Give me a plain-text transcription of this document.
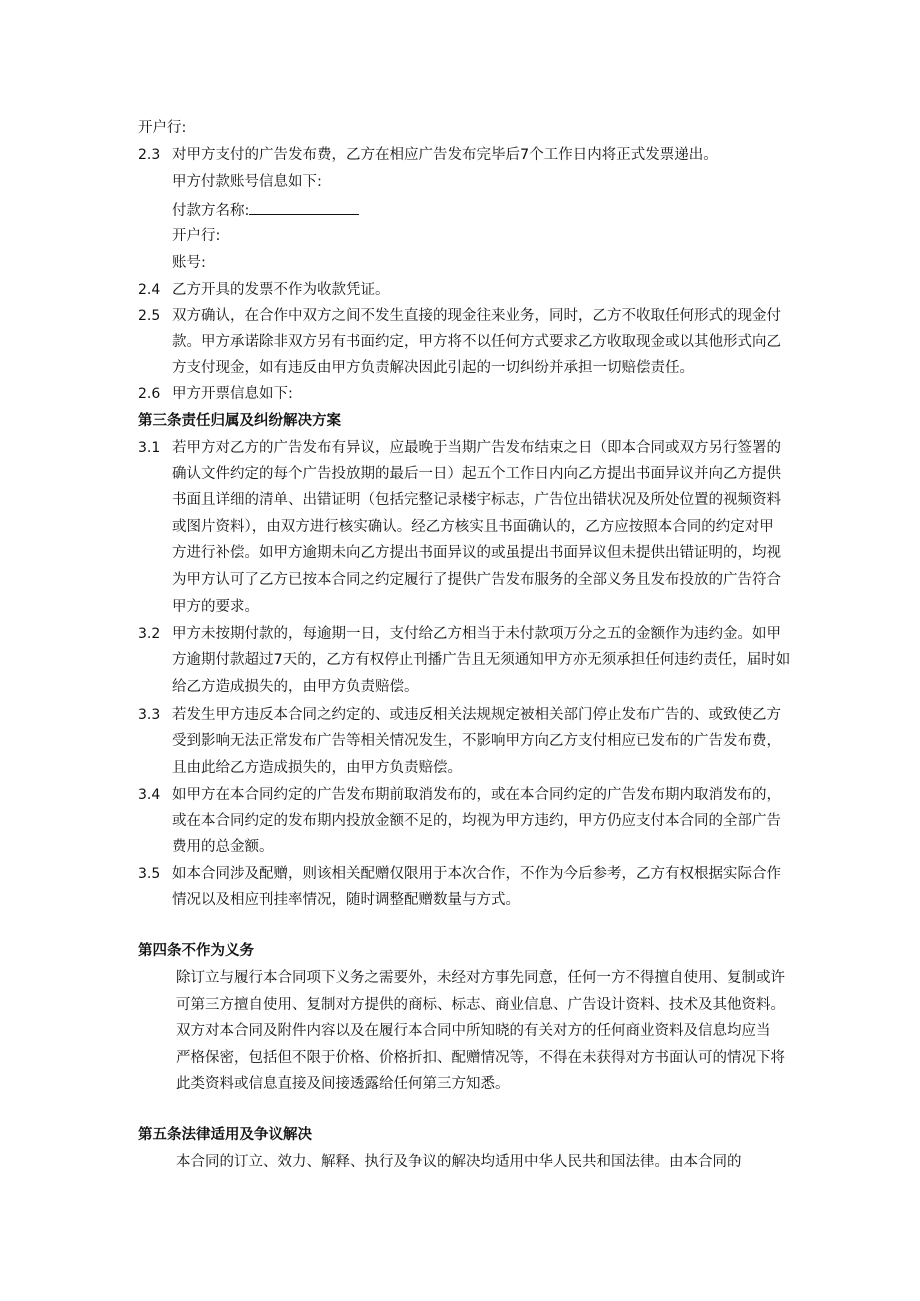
开户行:
2.3 对甲方支付的广告发布费，乙方在相应广告发布完毕后7个工作日内将正式发票递出。
甲方付款账号信息如下:
付款方名称:
开户行:
账号:
2.4 乙方开具的发票不作为收款凭证。
2.5 双方确认，在合作中双方之间不发生直接的现金往来业务，同时，乙方不收取任何形式的现金付
款。甲方承诺除非双方另有书面约定，甲方将不以任何方式要求乙方收取现金或以其他形式向乙
方支付现金，如有违反由甲方负责解决因此引起的一切纠纷并承担一切赔偿责任。
2.6 甲方开票信息如下:
第三条责任归属及纠纷解决方案
3.1 若甲方对乙方的广告发布有异议，应最晚于当期广告发布结束之日（即本合同或双方另行签署的
确认文件约定的每个广告投放期的最后一日）起五个工作日内向乙方提出书面异议并向乙方提供
书面且详细的清单、出错证明（包括完整记录楼宇标志，广告位出错状况及所处位置的视频资料
或图片资料），由双方进行核实确认。经乙方核实且书面确认的，乙方应按照本合同的约定对甲
方进行补偿。如甲方逾期未向乙方提出书面异议的或虽提出书面异议但未提供出错证明的，均视
为甲方认可了乙方已按本合同之约定履行了提供广告发布服务的全部义务且发布投放的广告符合
甲方的要求。
3.2 甲方未按期付款的，每逾期一日，支付给乙方相当于未付款项万分之五的金额作为违约金。如甲
方逾期付款超过7天的，乙方有权停止刊播广告且无须通知甲方亦无须承担任何违约责任，届时如
给乙方造成损失的，由甲方负责赔偿。
3.3 若发生甲方违反本合同之约定的、或违反相关法规规定被相关部门停止发布广告的、或致使乙方
受到影响无法正常发布广告等相关情况发生，不影响甲方向乙方支付相应已发布的广告发布费，
且由此给乙方造成损失的，由甲方负责赔偿。
3.4 如甲方在本合同约定的广告发布期前取消发布的，或在本合同约定的广告发布期内取消发布的，
或在本合同约定的发布期内投放金额不足的，均视为甲方违约，甲方仍应支付本合同的全部广告
费用的总金额。
3.5 如本合同涉及配赠，则该相关配赠仅限用于本次合作，不作为今后参考，乙方有权根据实际合作
情况以及相应刊挂率情况，随时调整配赠数量与方式。
第四条不作为义务
除订立与履行本合同项下义务之需要外，未经对方事先同意，任何一方不得擅自使用、复制或许
可第三方擅自使用、复制对方提供的商标、标志、商业信息、广告设计资料、技术及其他资料。
双方对本合同及附件内容以及在履行本合同中所知晓的有关对方的任何商业资料及信息均应当
严格保密，包括但不限于价格、价格折扣、配赠情况等，不得在未获得对方书面认可的情况下将
此类资料或信息直接及间接透露给任何第三方知悉。
第五条法律适用及争议解决
本合同的订立、效力、解释、执行及争议的解决均适用中华人民共和国法律。由本合同的
